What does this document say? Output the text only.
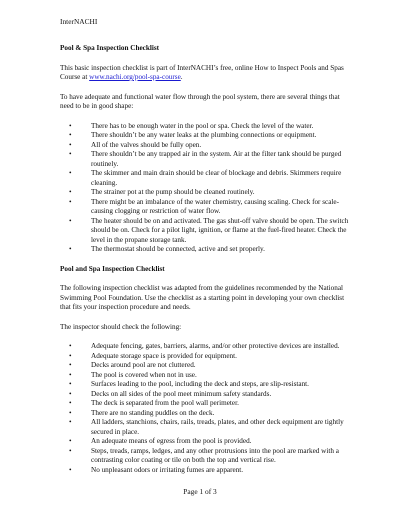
InterNACHI
Pool & Spa Inspection Checklist

This basic inspection checklist is part of InterNACHI’s free, online How to Inspect Pools and Spas Course at www.nachi.org/pool-spa-course.

To have adequate and functional water flow through the pool system, there are several things that need to be in good shape:

• There has to be enough water in the pool or spa. Check the level of the water.
• There shouldn’t be any water leaks at the plumbing connections or equipment.
• All of the valves should be fully open.
• There shouldn’t be any trapped air in the system. Air at the filter tank should be purged routinely.
• The skimmer and main drain should be clear of blockage and debris. Skimmers require cleaning.
• The strainer pot at the pump should be cleaned routinely.
• There might be an imbalance of the water chemistry, causing scaling. Check for scale-causing clogging or restriction of water flow.
• The heater should be on and activated. The gas shut-off valve should be open. The switch should be on. Check for a pilot light, ignition, or flame at the fuel-fired heater. Check the level in the propane storage tank.
• The thermostat should be connected, active and set properly.
Pool and Spa Inspection Checklist

The following inspection checklist was adapted from the guidelines recommended by the National Swimming Pool Foundation. Use the checklist as a starting point in developing your own checklist that fits your inspection procedure and needs.

The inspector should check the following:

• Adequate fencing, gates, barriers, alarms, and/or other protective devices are installed.
• Adequate storage space is provided for equipment.
• Decks around pool are not cluttered.
• The pool is covered when not in use.
• Surfaces leading to the pool, including the deck and steps, are slip-resistant.
• Decks on all sides of the pool meet minimum safety standards.
• The deck is separated from the pool wall perimeter.
• There are no standing puddles on the deck.
• All ladders, stanchions, chairs, rails, treads, plates, and other deck equipment are tightly secured in place.
• An adequate means of egress from the pool is provided.
• Steps, treads, ramps, ledges, and any other protrusions into the pool are marked with a contrasting color coating or tile on both the top and vertical rise.
• No unpleasant odors or irritating fumes are apparent.
Page 1 of 3
